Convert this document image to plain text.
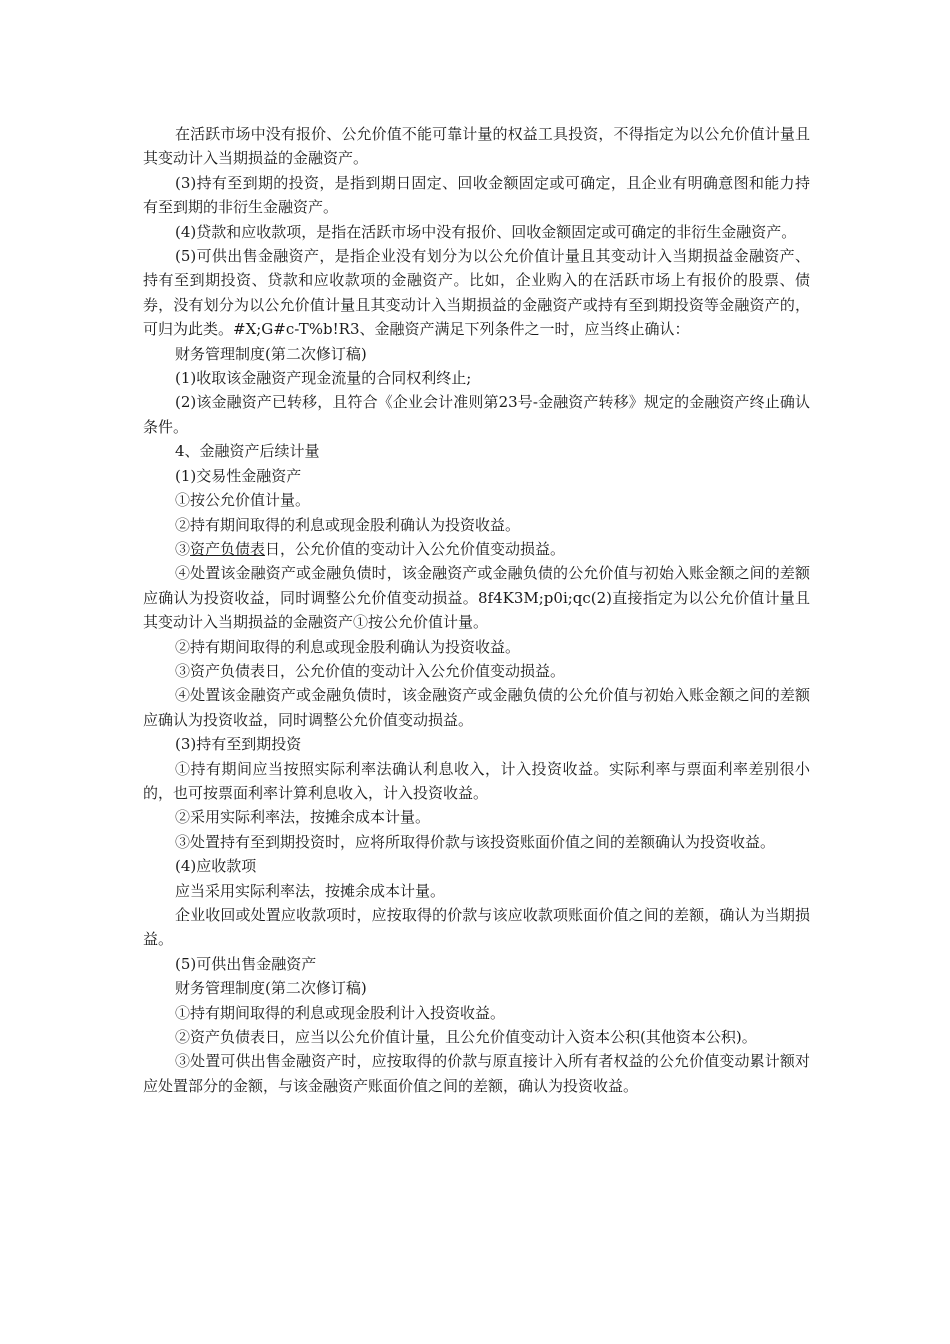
在活跃市场中没有报价、公允价值不能可靠计量的权益工具投资，不得指定为以公允价值计量且其变动计入当期损益的金融资产。

(3)持有至到期的投资，是指到期日固定、回收金额固定或可确定，且企业有明确意图和能力持有至到期的非衍生金融资产。

(4)贷款和应收款项，是指在活跃市场中没有报价、回收金额固定或可确定的非衍生金融资产。

(5)可供出售金融资产，是指企业没有划分为以公允价值计量且其变动计入当期损益金融资产、持有至到期投资、贷款和应收款项的金融资产。比如，企业购入的在活跃市场上有报价的股票、债券，没有划分为以公允价值计量且其变动计入当期损益的金融资产或持有至到期投资等金融资产的，可归为此类。#X;G#c-T%b!R3、金融资产满足下列条件之一时，应当终止确认：

财务管理制度(第二次修订稿)

(1)收取该金融资产现金流量的合同权利终止;

(2)该金融资产已转移，且符合《企业会计准则第23号-金融资产转移》规定的金融资产终止确认条件。

4、金融资产后续计量

(1)交易性金融资产

①按公允价值计量。

②持有期间取得的利息或现金股利确认为投资收益。

③资产负债表日，公允价值的变动计入公允价值变动损益。

④处置该金融资产或金融负债时，该金融资产或金融负债的公允价值与初始入账金额之间的差额应确认为投资收益，同时调整公允价值变动损益。8f4K3M;p0i;qc(2)直接指定为以公允价值计量且其变动计入当期损益的金融资产①按公允价值计量。

②持有期间取得的利息或现金股利确认为投资收益。

③资产负债表日，公允价值的变动计入公允价值变动损益。

④处置该金融资产或金融负债时，该金融资产或金融负债的公允价值与初始入账金额之间的差额应确认为投资收益，同时调整公允价值变动损益。

(3)持有至到期投资

①持有期间应当按照实际利率法确认利息收入，计入投资收益。实际利率与票面利率差别很小的，也可按票面利率计算利息收入，计入投资收益。

②采用实际利率法，按摊余成本计量。

③处置持有至到期投资时，应将所取得价款与该投资账面价值之间的差额确认为投资收益。

(4)应收款项

应当采用实际利率法，按摊余成本计量。

企业收回或处置应收款项时，应按取得的价款与该应收款项账面价值之间的差额，确认为当期损益。

(5)可供出售金融资产

财务管理制度(第二次修订稿)

①持有期间取得的利息或现金股利计入投资收益。

②资产负债表日，应当以公允价值计量，且公允价值变动计入资本公积(其他资本公积)。

③处置可供出售金融资产时，应按取得的价款与原直接计入所有者权益的公允价值变动累计额对应处置部分的金额，与该金融资产账面价值之间的差额，确认为投资收益。
